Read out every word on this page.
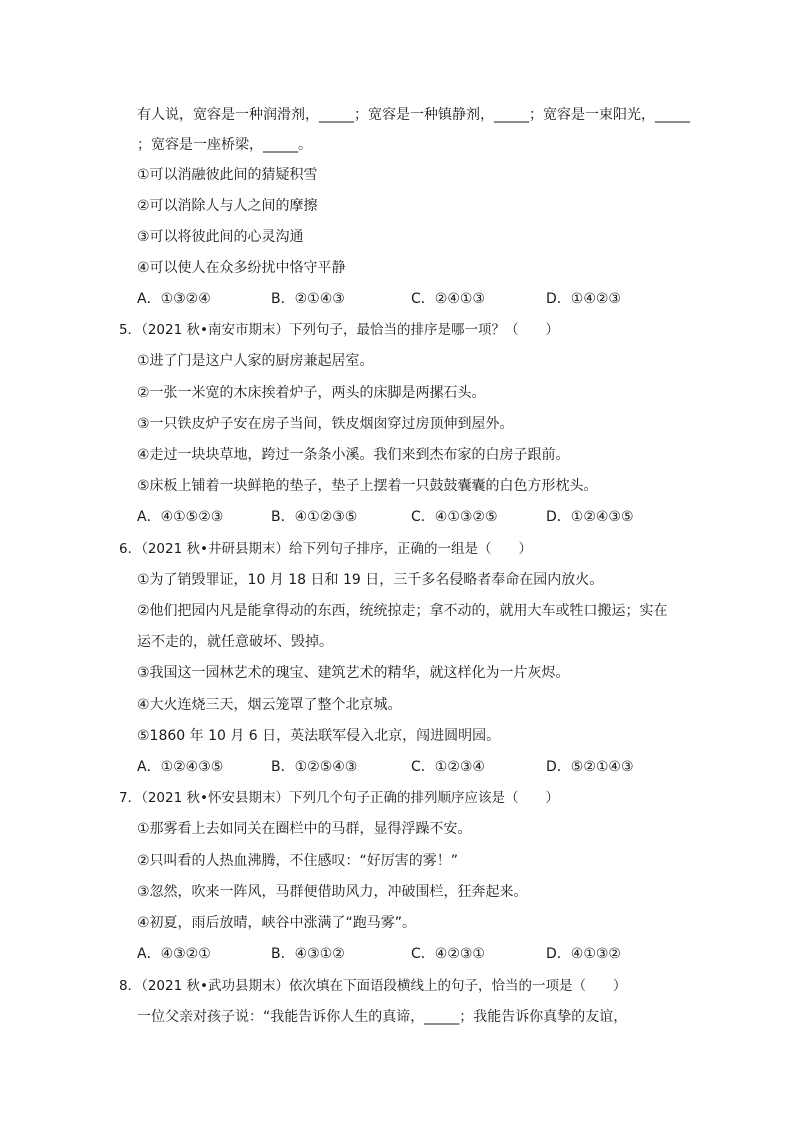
有人说，宽容是一种润滑剂，_____；宽容是一种镇静剂，_____；宽容是一束阳光，_____
；宽容是一座桥梁，_____。
①可以消融彼此间的猜疑积雪
②可以消除人与人之间的摩擦
③可以将彼此间的心灵沟通
④可以使人在众多纷扰中恪守平静
A．①③②④	B．②①④③	C．②④①③	D．①④②③
5．（2021 秋•南安市期末）下列句子，最恰当的排序是哪一项？（　　）
①进了门是这户人家的厨房兼起居室。
②一张一米宽的木床挨着炉子，两头的床脚是两摞石头。
③一只铁皮炉子安在房子当间，铁皮烟囱穿过房顶伸到屋外。
④走过一块块草地，跨过一条条小溪。我们来到杰布家的白房子跟前。
⑤床板上铺着一块鲜艳的垫子，垫子上摆着一只鼓鼓囊囊的白色方形枕头。
A．④①⑤②③	B．④①②③⑤	C．④①③②⑤	D．①②④③⑤
6．（2021 秋•井研县期末）给下列句子排序，正确的一组是（　　）
①为了销毁罪证，10 月 18 日和 19 日，三千多名侵略者奉命在园内放火。
②他们把园内凡是能拿得动的东西，统统掠走；拿不动的，就用大车或牲口搬运；实在
运不走的，就任意破坏、毁掉。
③我国这一园林艺术的瑰宝、建筑艺术的精华，就这样化为一片灰烬。
④大火连烧三天，烟云笼罩了整个北京城。
⑤1860 年 10 月 6 日，英法联军侵入北京，闯进圆明园。
A．①②④③⑤	B．①②⑤④③	C．①②③④	D．⑤②①④③
7．（2021 秋•怀安县期末）下列几个句子正确的排列顺序应该是（　　）
①那雾看上去如同关在圈栏中的马群，显得浮躁不安。
②只叫看的人热血沸腾，不住感叹：“好厉害的雾！”
③忽然，吹来一阵风，马群便借助风力，冲破围栏，狂奔起来。
④初夏，雨后放晴，峡谷中涨满了“跑马雾”。
A．④③②①	B．④③①②	C．④②③①	D．④①③②
8．（2021 秋•武功县期末）依次填在下面语段横线上的句子，恰当的一项是（　　）
一位父亲对孩子说：“我能告诉你人生的真谛，_____；我能告诉你真挚的友谊，
